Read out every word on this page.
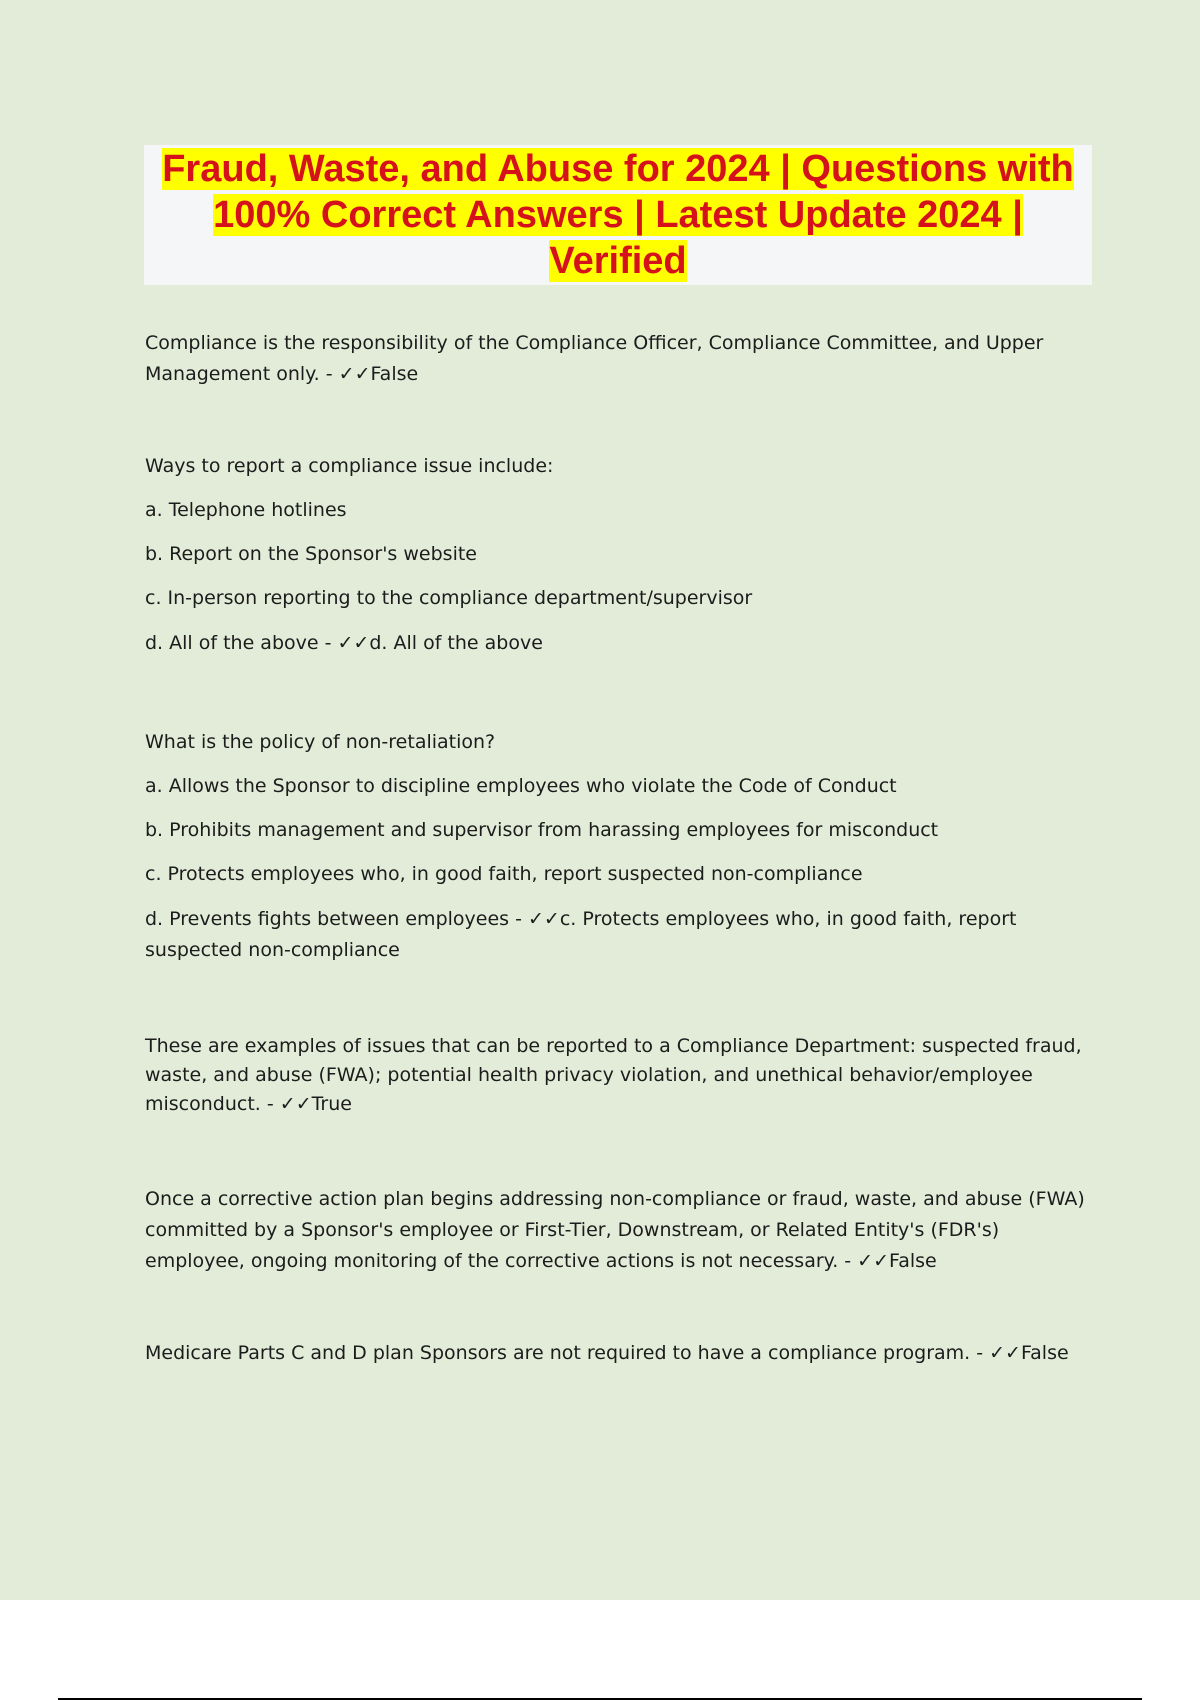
Fraud, Waste, and Abuse for 2024 | Questions with 100% Correct Answers | Latest Update 2024 | Verified

Compliance is the responsibility of the Compliance Officer, Compliance Committee, and Upper Management only. - ✓✓False

Ways to report a compliance issue include:

a. Telephone hotlines

b. Report on the Sponsor's website

c. In-person reporting to the compliance department/supervisor

d. All of the above - ✓✓d. All of the above

What is the policy of non-retaliation?

a. Allows the Sponsor to discipline employees who violate the Code of Conduct

b. Prohibits management and supervisor from harassing employees for misconduct

c. Protects employees who, in good faith, report suspected non-compliance

d. Prevents fights between employees - ✓✓c. Protects employees who, in good faith, report suspected non-compliance

These are examples of issues that can be reported to a Compliance Department: suspected fraud, waste, and abuse (FWA); potential health privacy violation, and unethical behavior/employee misconduct. - ✓✓True

Once a corrective action plan begins addressing non-compliance or fraud, waste, and abuse (FWA) committed by a Sponsor's employee or First-Tier, Downstream, or Related Entity's (FDR's) employee, ongoing monitoring of the corrective actions is not necessary. - ✓✓False

Medicare Parts C and D plan Sponsors are not required to have a compliance program. - ✓✓False
